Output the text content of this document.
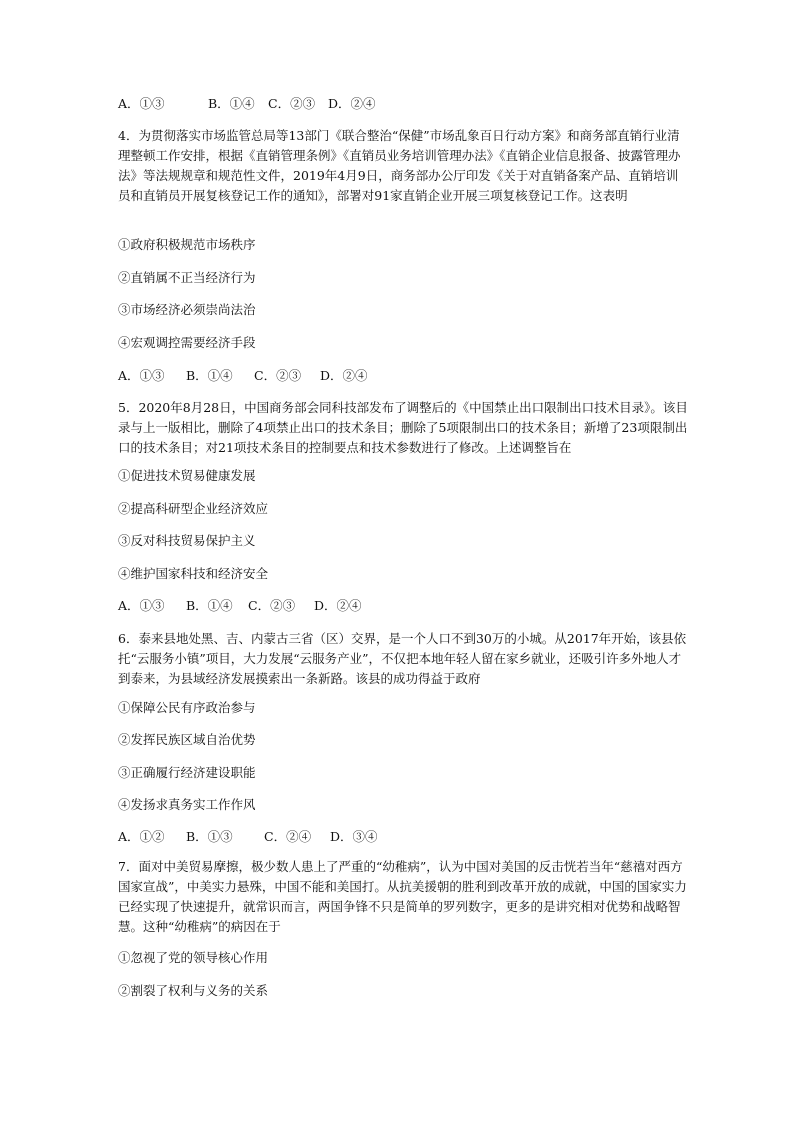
A．①③	B．①④ C．②③ D．②④
4．为贯彻落实市场监管总局等13部门《联合整治“保健”市场乱象百日行动方案》和商务部直销行业清理整顿工作安排，根据《直销管理条例》《直销员业务培训管理办法》《直销企业信息报备、披露管理办法》等法规规章和规范性文件，2019年4月9日，商务部办公厅印发《关于对直销备案产品、直销培训员和直销员开展复核登记工作的通知》，部署对91家直销企业开展三项复核登记工作。这表明
①政府积极规范市场秩序
②直销属不正当经济行为
③市场经济必须崇尚法治
④宏观调控需要经济手段
A．①③ B．①④ C．②③ D．②④
5．2020年8月28日，中国商务部会同科技部发布了调整后的《中国禁止出口限制出口技术目录》。该目录与上一版相比，删除了4项禁止出口的技术条目；删除了5项限制出口的技术条目；新增了23项限制出口的技术条目；对21项技术条目的控制要点和技术参数进行了修改。上述调整旨在
①促进技术贸易健康发展
②提高科研型企业经济效应
③反对科技贸易保护主义
④维护国家科技和经济安全
A．①③ B．①④ C．②③ D．②④
6．泰来县地处黑、吉、内蒙古三省（区）交界，是一个人口不到30万的小城。从2017年开始，该县依托“云服务小镇”项目，大力发展“云服务产业”，不仅把本地年轻人留在家乡就业，还吸引许多外地人才到泰来，为县域经济发展摸索出一条新路。该县的成功得益于政府
①保障公民有序政治参与
②发挥民族区域自治优势
③正确履行经济建设职能
④发扬求真务实工作作风
A．①② B．①③	C．②④ D．③④
7．面对中美贸易摩擦，极少数人患上了严重的“幼稚病”，认为中国对美国的反击恍若当年“慈禧对西方国家宣战”，中美实力悬殊，中国不能和美国打。从抗美援朝的胜利到改革开放的成就，中国的国家实力已经实现了快速提升，就常识而言，两国争锋不只是简单的罗列数字，更多的是讲究相对优势和战略智慧。这种“幼稚病”的病因在于
①忽视了党的领导核心作用
②割裂了权利与义务的关系
